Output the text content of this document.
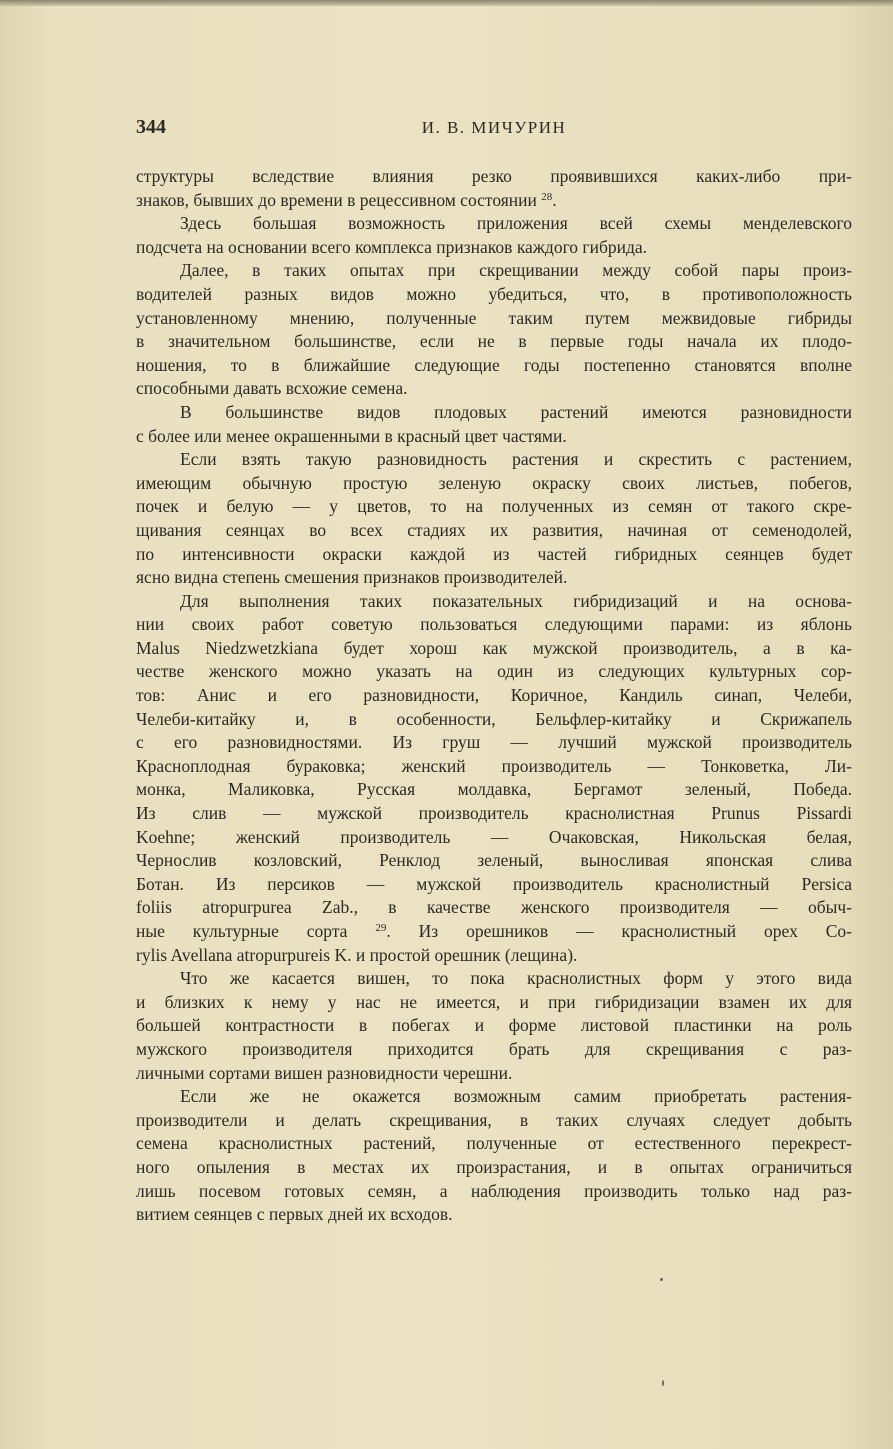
344	И. В. МИЧУРИН
структуры вследствие влияния резко проявившихся каких-либо при-
знаков, бывших до времени в рецессивном состоянии $^{28}$.
Здесь большая возможность приложения всей схемы менделевского
подсчета на основании всего комплекса признаков каждого гибрида.
Далее, в таких опытах при скрещивании между собой пары произ-
водителей разных видов можно убедиться, что, в противоположность
установленному мнению, полученные таким путем межвидовые гибриды
в значительном большинстве, если не в первые годы начала их плодо-
ношения, то в ближайшие следующие годы постепенно становятся вполне
способными давать всхожие семена.
В большинстве видов плодовых растений имеются разновидности
с более или менее окрашенными в красный цвет частями.
Если взять такую разновидность растения и скрестить с растением,
имеющим обычную простую зеленую окраску своих листьев, побегов,
почек и белую — у цветов, то на полученных из семян от такого скре-
щивания сеянцах во всех стадиях их развития, начиная от семенодолей,
по интенсивности окраски каждой из частей гибридных сеянцев будет
ясно видна степень смешения признаков производителей.
Для выполнения таких показательных гибридизаций и на основа-
нии своих работ советую пользоваться следующими парами: из яблонь
Malus Niedzwetzkiana будет хорош как мужской производитель, а в ка-
честве женского можно указать на один из следующих культурных сор-
тов: Анис и его разновидности, Коричное, Кандиль синап, Челеби,
Челеби-китайку и, в особенности, Бельфлер-китайку и Скрижапель
с его разновидностями. Из груш — лучший мужской производитель
Краснoплодная бураковка; женский производитель — Тонковетка, Ли-
монка, Маликовка, Русская молдавка, Бергамот зеленый, Победа.
Из слив — мужской производитель краснолистная Prunus Pissardi
Koehne; женский производитель — Очаковская, Никольская белая,
Чернослив козловский, Ренклод зеленый, выносливая японская слива
Ботан. Из персиков — мужской производитель краснолистный Persica
foliis atropurpurea Zab., в качестве женского производителя — обыч-
ные культурные сорта $^{29}$. Из орешников — краснолистный орех Co-
rylis Avellana atropurpureis K. и простой орешник (лещина).
Что же касается вишен, то пока краснолистных форм у этого вида
и близких к нему у нас не имеется, и при гибридизации взамен их для
большей контрастности в побегах и форме листовой пластинки на роль
мужского производителя приходится брать для скрещивания с раз-
личными сортами вишен разновидности черешни.
Если же не окажется возможным самим приобретать растения-
производители и делать скрещивания, в таких случаях следует добыть
семена краснолистных растений, полученные от естественного перекрест-
ного опыления в местах их произрастания, и в опытах ограничиться
лишь посевом готовых семян, а наблюдения производить только над раз-
витием сеянцев с первых дней их всходов.
